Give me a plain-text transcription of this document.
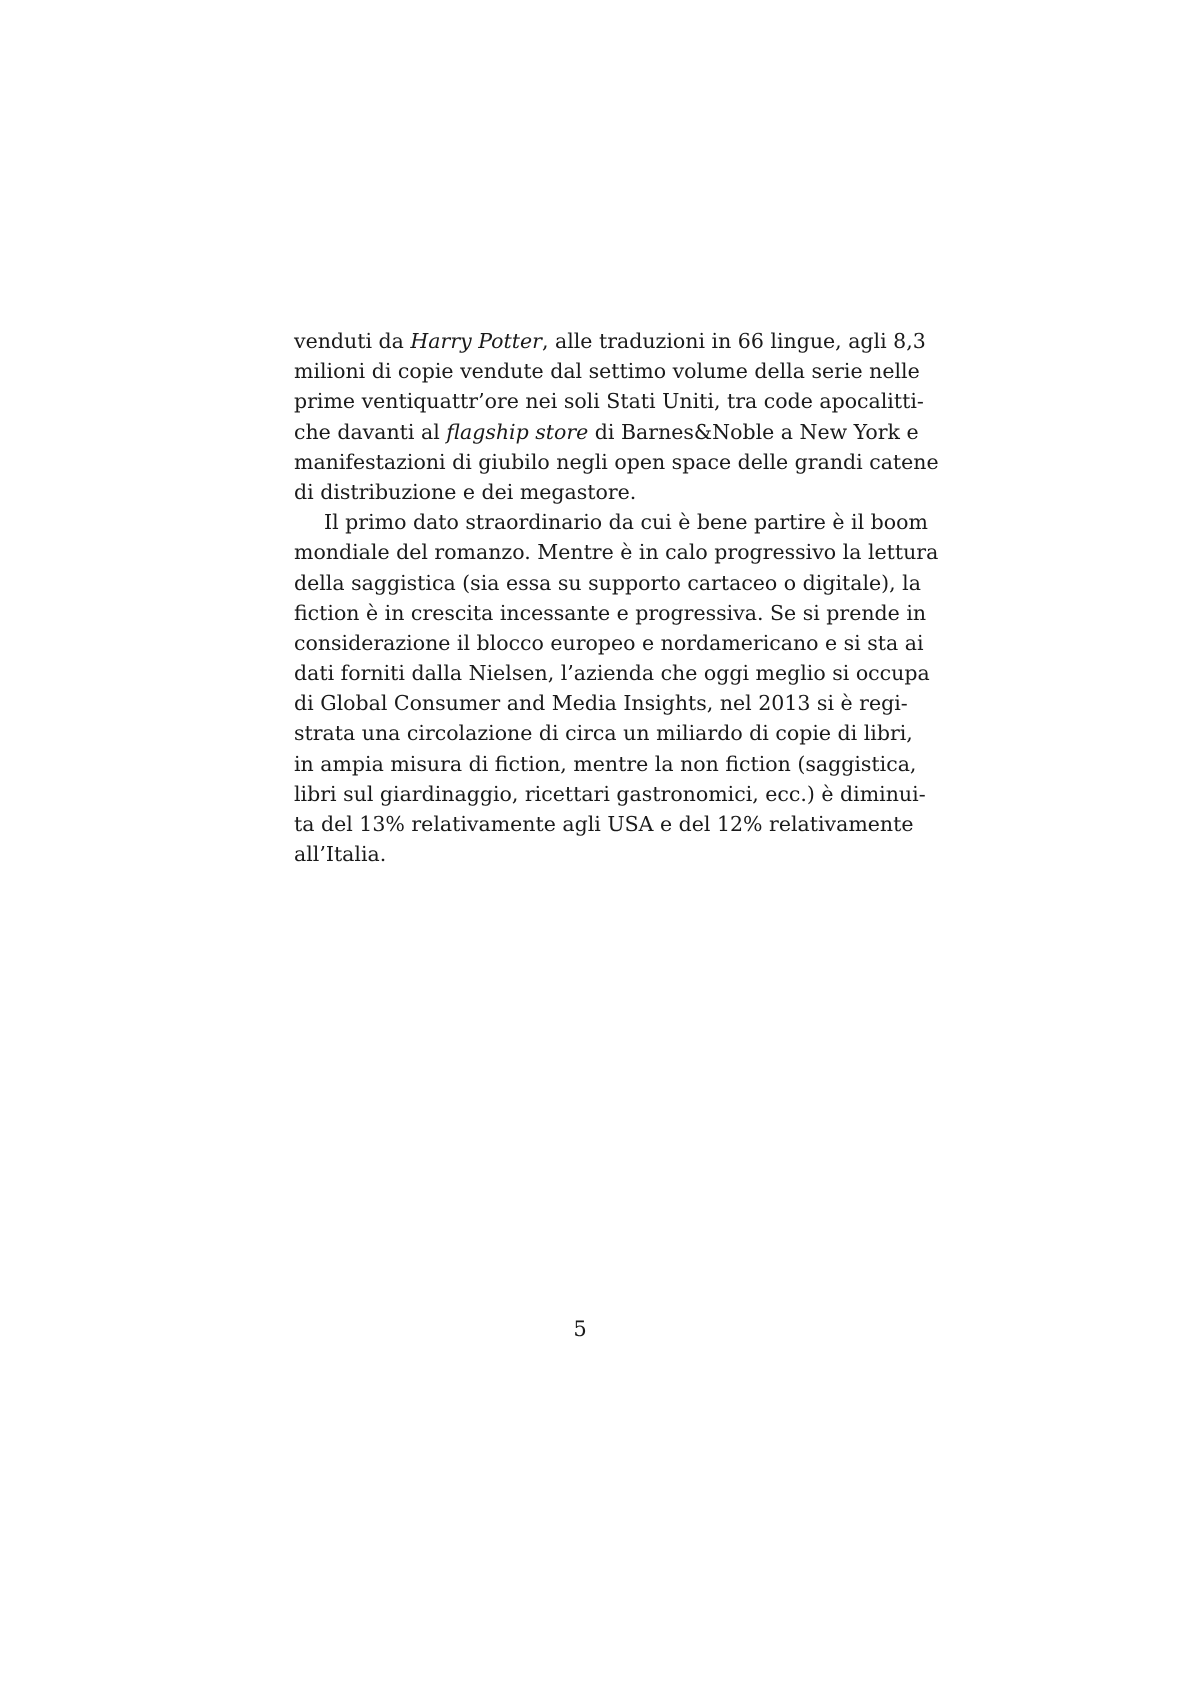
venduti da Harry Potter, alle traduzioni in 66 lingue, agli 8,3
milioni di copie vendute dal settimo volume della serie nelle
prime ventiquattr’ore nei soli Stati Uniti, tra code apocalitti-
che davanti al flagship store di Barnes&Noble a New York e
manifestazioni di giubilo negli open space delle grandi catene
di distribuzione e dei megastore.
Il primo dato straordinario da cui è bene partire è il boom
mondiale del romanzo. Mentre è in calo progressivo la lettura
della saggistica (sia essa su supporto cartaceo o digitale), la
fiction è in crescita incessante e progressiva. Se si prende in
considerazione il blocco europeo e nordamericano e si sta ai
dati forniti dalla Nielsen, l’azienda che oggi meglio si occupa
di Global Consumer and Media Insights, nel 2013 si è regi-
strata una circolazione di circa un miliardo di copie di libri,
in ampia misura di fiction, mentre la non fiction (saggistica,
libri sul giardinaggio, ricettari gastronomici, ecc.) è diminui-
ta del 13% relativamente agli USA e del 12% relativamente
all’Italia.
5
